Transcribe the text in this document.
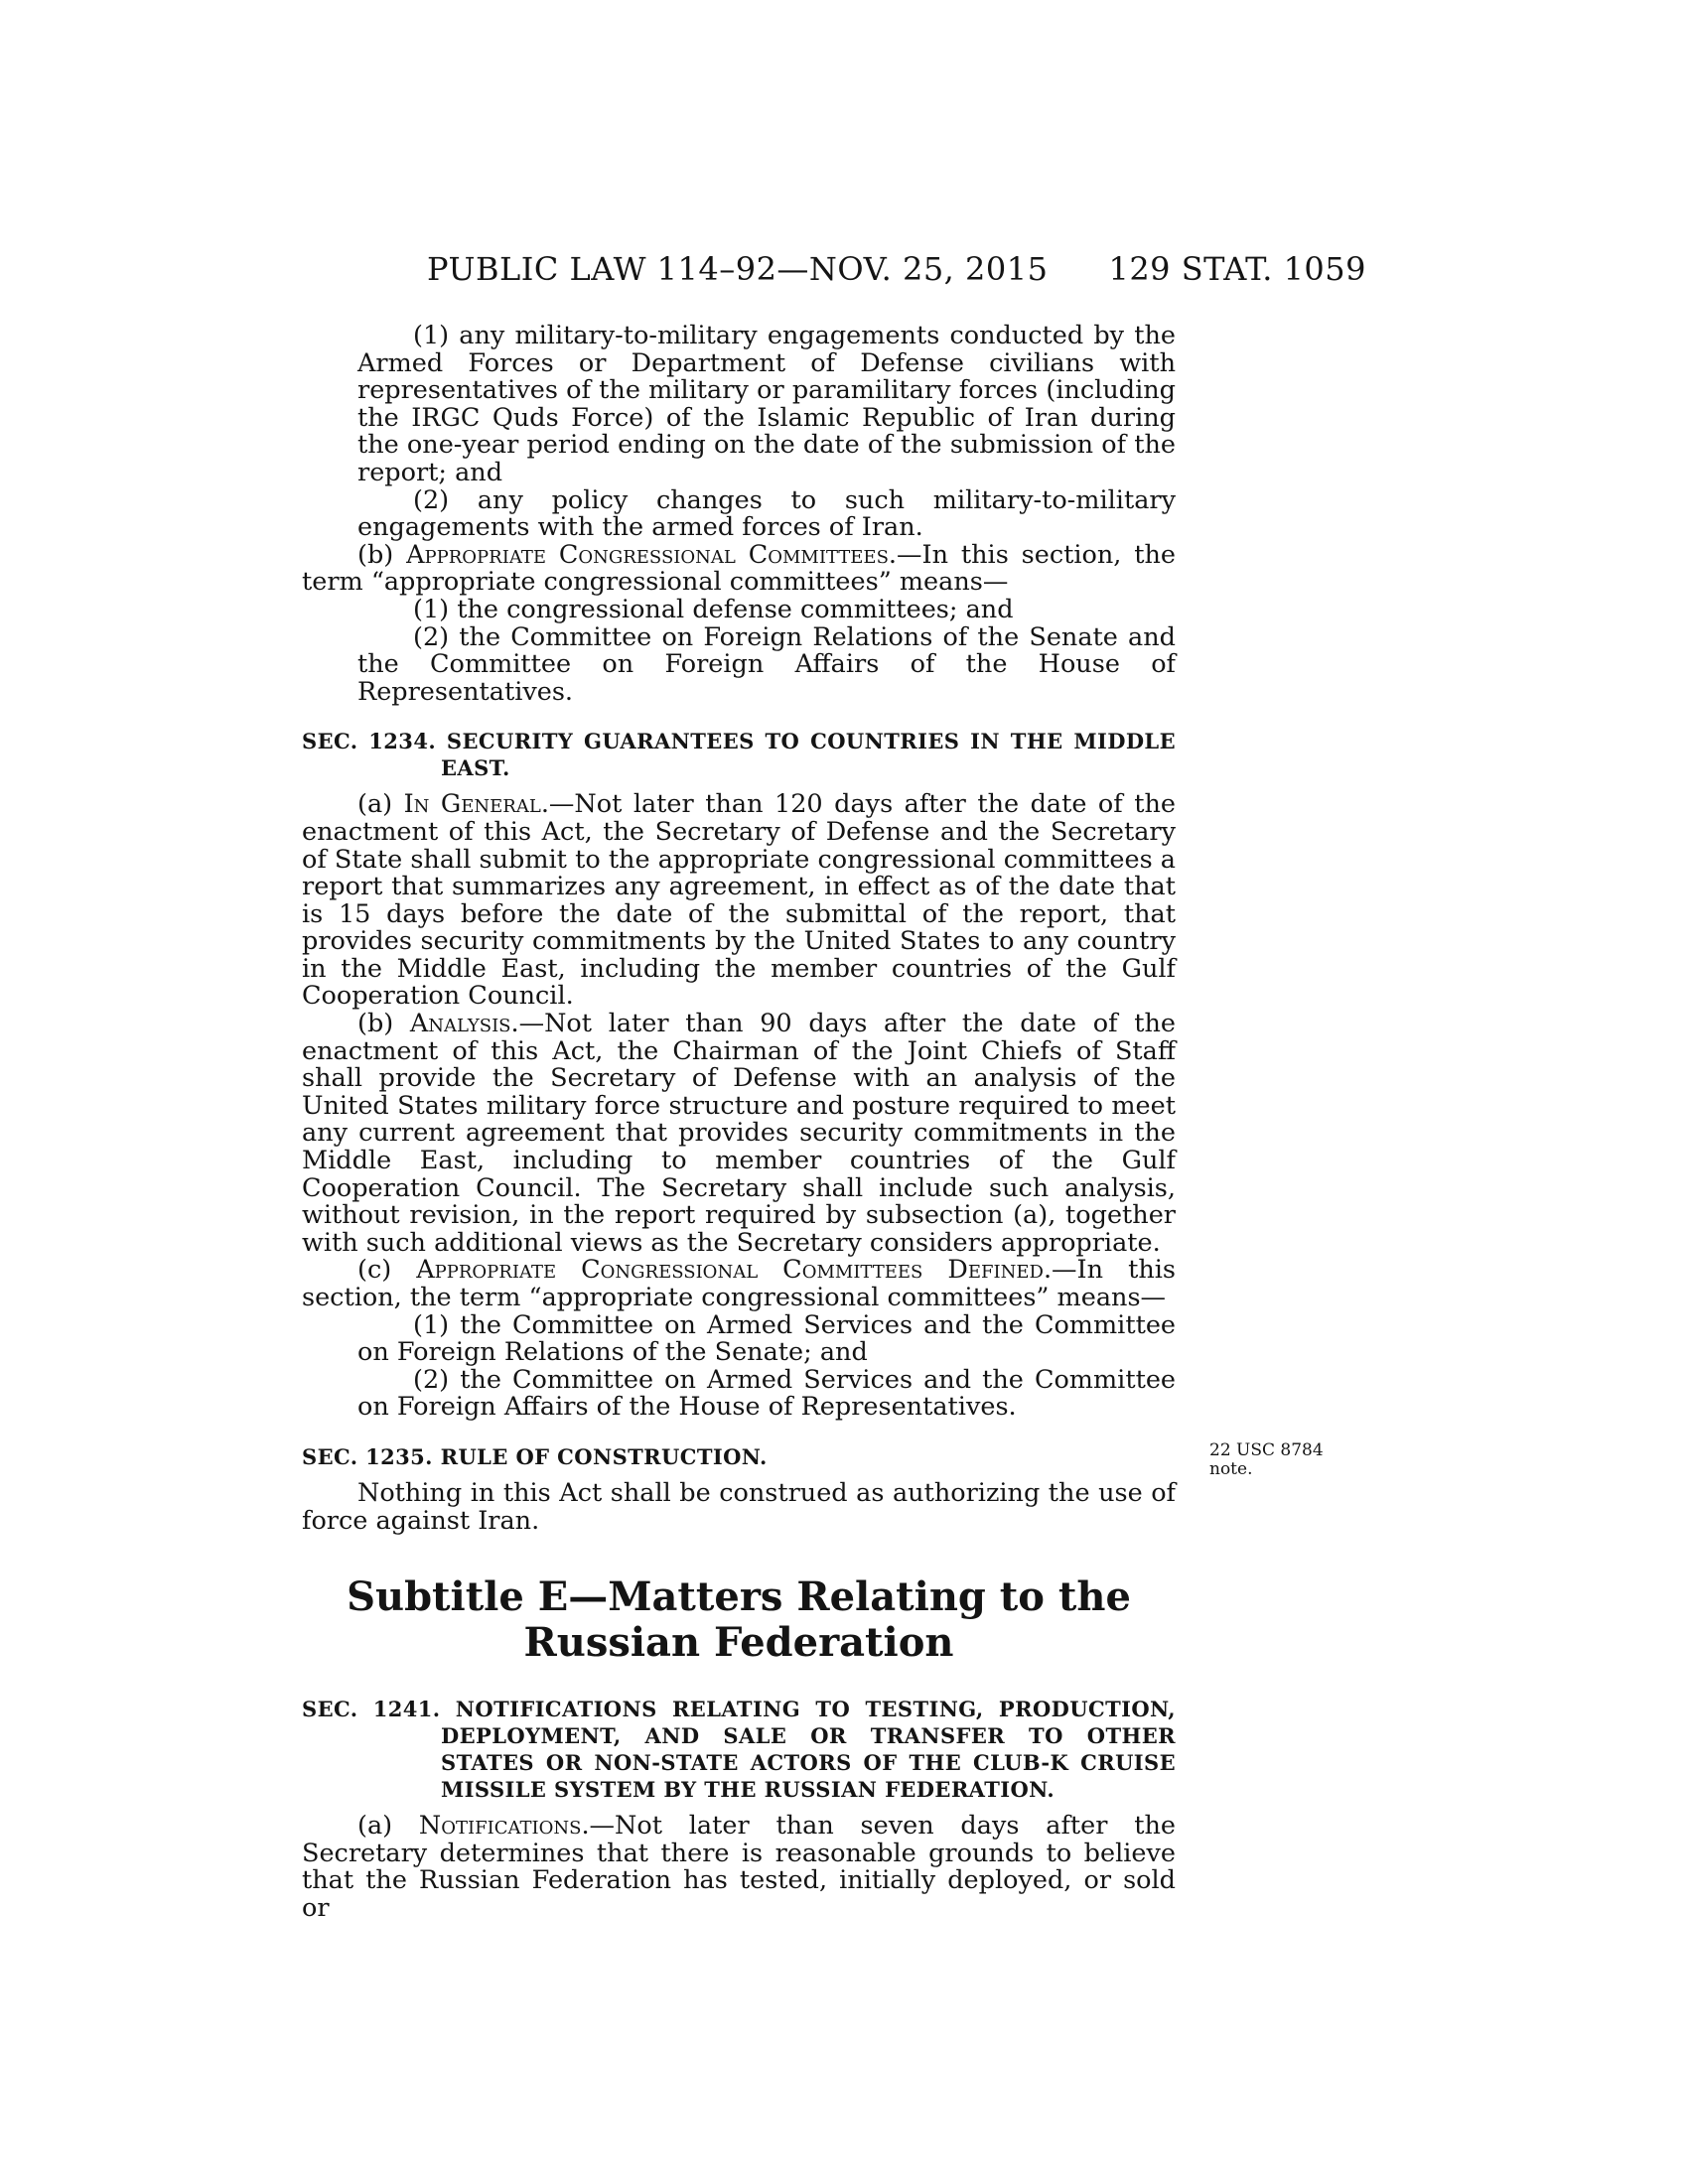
PUBLIC LAW 114–92—NOV. 25, 2015 129 STAT. 1059
22 USC 8784
note.

(1) any military-to-military engagements conducted by the Armed Forces or Department of Defense civilians with representatives of the military or paramilitary forces (including the IRGC Quds Force) of the Islamic Republic of Iran during the one-year period ending on the date of the submission of the report; and

(2) any policy changes to such military-to-military engagements with the armed forces of Iran.

(b) Appropriate Congressional Committees.—In this section, the term “appropriate congressional committees” means—

(1) the congressional defense committees; and

(2) the Committee on Foreign Relations of the Senate and the Committee on Foreign Affairs of the House of Representatives.

SEC. 1234. SECURITY GUARANTEES TO COUNTRIES IN THE MIDDLE EAST.

(a) In General.—Not later than 120 days after the date of the enactment of this Act, the Secretary of Defense and the Secretary of State shall submit to the appropriate congressional committees a report that summarizes any agreement, in effect as of the date that is 15 days before the date of the submittal of the report, that provides security commitments by the United States to any country in the Middle East, including the member countries of the Gulf Cooperation Council.

(b) Analysis.—Not later than 90 days after the date of the enactment of this Act, the Chairman of the Joint Chiefs of Staff shall provide the Secretary of Defense with an analysis of the United States military force structure and posture required to meet any current agreement that provides security commitments in the Middle East, including to member countries of the Gulf Cooperation Council. The Secretary shall include such analysis, without revision, in the report required by subsection (a), together with such additional views as the Secretary considers appropriate.

(c) Appropriate Congressional Committees Defined.—In this section, the term “appropriate congressional committees” means—

(1) the Committee on Armed Services and the Committee on Foreign Relations of the Senate; and

(2) the Committee on Armed Services and the Committee on Foreign Affairs of the House of Representatives.

SEC. 1235. RULE OF CONSTRUCTION.

Nothing in this Act shall be construed as authorizing the use of force against Iran.

Subtitle E—Matters Relating to the
Russian Federation
SEC. 1241. NOTIFICATIONS RELATING TO TESTING, PRODUCTION, DEPLOYMENT, AND SALE OR TRANSFER TO OTHER STATES OR NON-STATE ACTORS OF THE CLUB-K CRUISE MISSILE SYSTEM BY THE RUSSIAN FEDERATION.

(a) Notifications.—Not later than seven days after the Secretary determines that there is reasonable grounds to believe that the Russian Federation has tested, initially deployed, or sold or
